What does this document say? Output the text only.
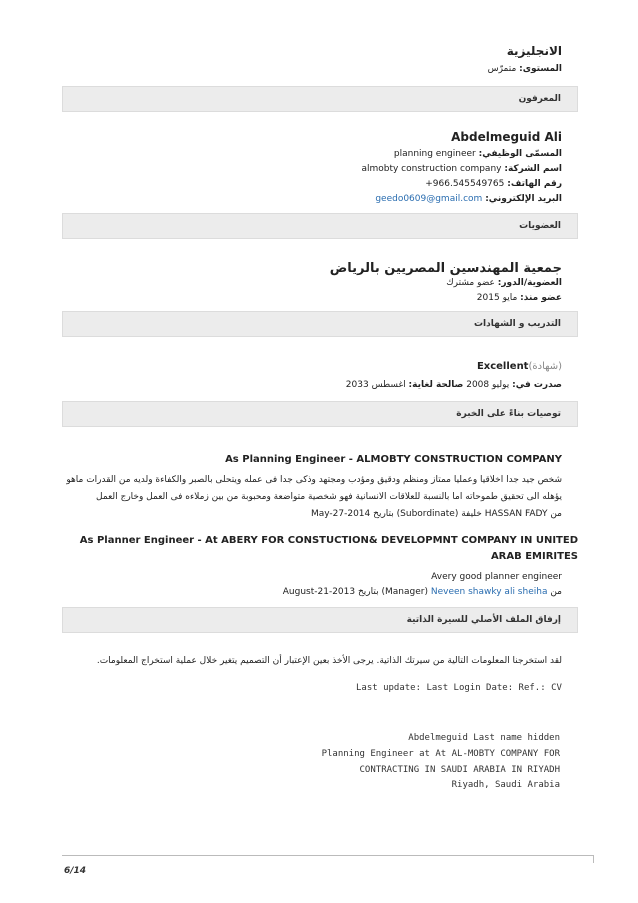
الانجليزية
المستوى: متمرّس
المعرفون
Abdelmeguid Ali
المسمّى الوظيفي: planning engineer
اسم الشركة: almobty construction company
رقم الهاتف: +966.545549765
البريد الإلكتروني: geedo0609@gmail.com
العضويات
جمعية المهندسين المصريين بالرياض
العضوية/الدور: عضو مشترك
عضو منذ: مايو 2015
التدريب و الشهادات
(شهادة)Excellent
صدرت في: يوليو 2008 صالحة لغاية: اغسطس 2033
توصيات بناءً على الخبرة
As Planning Engineer - ALMOBTY CONSTRUCTION COMPANY
شخص جيد جدا اخلاقيا وعمليا ممتاز ومنظم ودقيق ومؤدب ومجتهد وذكى جدا فى عمله ويتحلى بالصبر والكفاءة ولديه من القدرات ماهو يؤهله الى تحقيق طموحاته اما بالنسبة للعلاقات الانسانية فهو شخصية متواضعة ومحبوبة من بين زملاءه فى العمل وخارج العمل
من HASSAN FADY خليفة (Subordinate) بتاريخ May-27-2014
As Planner Engineer - At ABERY FOR CONSTUCTION& DEVELOPMNT COMPANY IN UNITED ARAB EMIRITES
Avery good planner engineer
من Neveen shawky ali sheiha (Manager) بتاريخ August-21-2013
إرفاق الملف الأصلي للسيرة الذاتية
لقد استخرجنا المعلومات التالية من سيرتك الذاتية. يرجى الأخذ بعين الإعتبار أن التصميم يتغير خلال عملية استخراج المعلومات.
Last update: Last Login Date: Ref.: CV
Abdelmeguid Last name hidden
Planning Engineer at At AL-MOBTY COMPANY FOR
CONTRACTING IN SAUDI ARABIA IN RIYADH
Riyadh, Saudi Arabia
6/14
